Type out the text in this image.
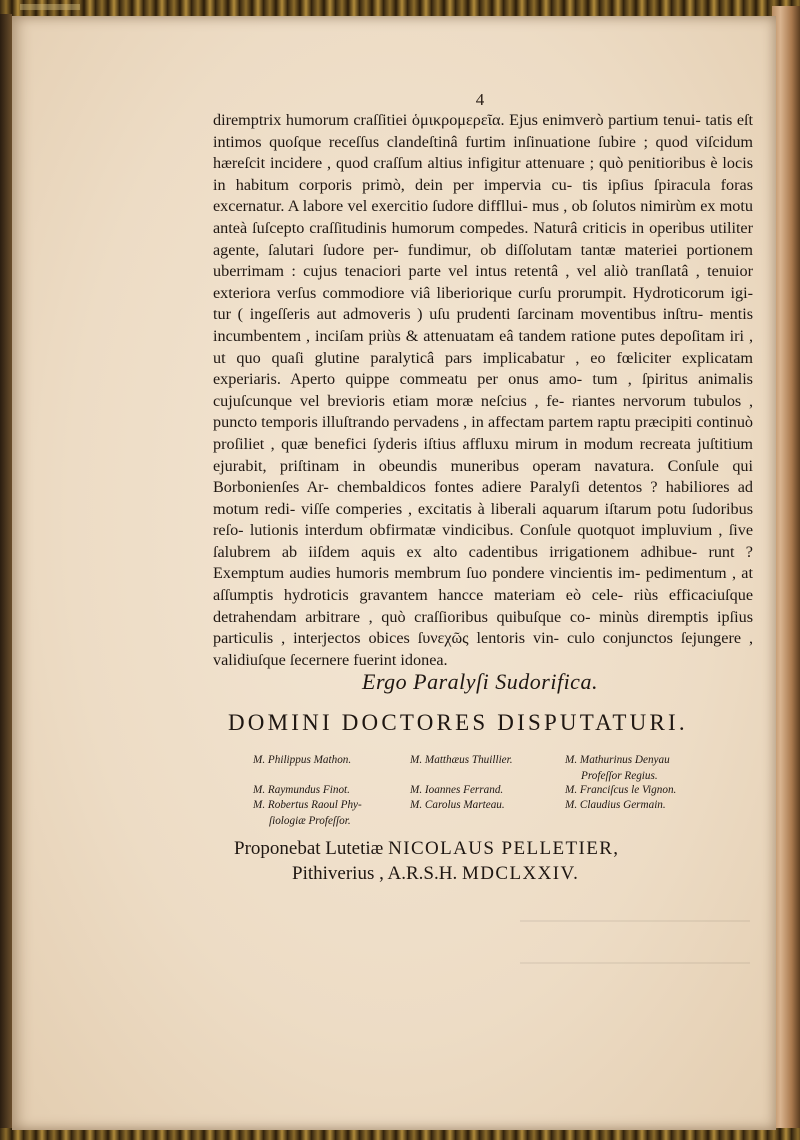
4

diremptrix humorum craſſitiei ὁμικρομερεῖα. Ejus enimverò partium tenui- tatis eſt intimos quoſque receſſus clandeſtinâ furtim inſinuatione ſubire ; quod viſcidum hæreſcit incidere , quod craſſum altius infigitur attenuare ; quò penitioribus è locis in habitum corporis primò, dein per impervia cu- tis ipſius ſpiracula foras excernatur. A labore vel exercitio ſudore diffllui- mus , ob ſolutos nimirùm ex motu anteà ſuſcepto craſſitudinis humorum compedes. Naturâ criticis in operibus utiliter agente, ſalutari ſudore per- fundimur, ob diſſolutam tantæ materiei portionem uberrimam : cujus tenaciori parte vel intus retentâ , vel aliò tranſlatâ , tenuior exteriora verſus commodiore viâ liberiorique curſu prorumpit. Hydroticorum igi- tur ( ingeſſeris aut admoveris ) uſu prudenti ſarcinam moventibus inſtru- mentis incumbentem , inciſam priùs & attenuatam eâ tandem ratione putes depoſitam iri , ut quo quaſi glutine paralyticâ pars implicabatur , eo fœliciter explicatam experiaris. Aperto quippe commeatu per onus amo- tum , ſpiritus animalis cujuſcunque vel brevioris etiam moræ neſcius , fe- riantes nervorum tubulos , puncto temporis illuſtrando pervadens , in affectam partem raptu præcipiti continuò proſiliet , quæ benefici ſyderis iſtius affluxu mirum in modum recreata juſtitium ejurabit, priſtinam in obeundis muneribus operam navatura. Conſule qui Borbonienſes Ar- chembaldicos fontes adiere Paralyſi detentos ? habiliores ad motum redi- viſſe comperies , excitatis à liberali aquarum iſtarum potu ſudoribus reſo- lutionis interdum obfirmatæ vindicibus. Conſule quotquot impluvium , ſive ſalubrem ab iiſdem aquis ex alto cadentibus irrigationem adhibue- runt ? Exemptum audies humoris membrum ſuo pondere vincientis im- pedimentum , at aſſumptis hydroticis gravantem hancce materiam eò cele- riùs efficaciuſque detrahendam arbitrare , quò craſſioribus quibuſque co- minùs diremptis ipſius particulis , interjectos obices ſυνεχῶς lentoris vin- culo conjunctos ſejungere , validiuſque ſecernere fuerint idonea.

Ergo Paralyſi Sudorifica.

DOMINI DOCTORES DISPUTATURI.

M. Philippus Mathon.
M. Raymundus Finot.
M. Robertus Raoul Phy-
ſiologiæ Profeſſor.
M. Matthæus Thuillier.
M. Ioannes Ferrand.
M. Carolus Marteau.
M. Mathurinus Denyau
Profeſſor Regius.
M. Franciſcus le Vignon.
M. Claudius Germain.

Proponebat Lutetiæ NICOLAUS PELLETIER,
Pithiverius , A.R.S.H. MDCLXXIV.
